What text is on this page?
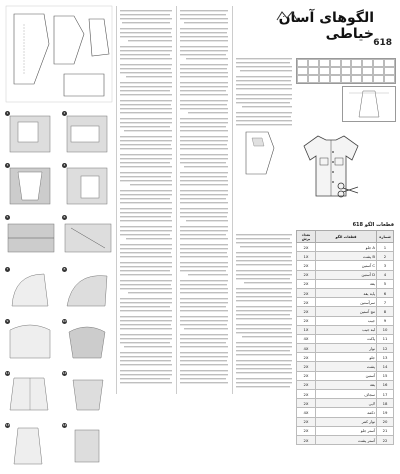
1	2
3	4
5	6
7	8
9	10
11	12
13	14
الگوهای آسان خیاطی
618
قطعات الگو 618
تعداد برش	قطعات الگو	شماره
2X	A جلو	1
1X	B پشت	2
2X	C آستین	3
2X	D آستین	4
2X	یقه	5
2X	پایه یقه	6
2X	سرآستین	7
2X	مچ آستین	8
2X	جیب	9
1X	لبه جیب	10
4X	پاکت	11
4X	نوار	12
2X	جلو	13
2X	پشت	14
2X	آستین	15
2X	یقه	16
2X	سجاف	17
2X	لایی	18
4X	دکمه	19
2X	نوار کمر	20
2X	آستر جلو	21
2X	آستر پشت	22
